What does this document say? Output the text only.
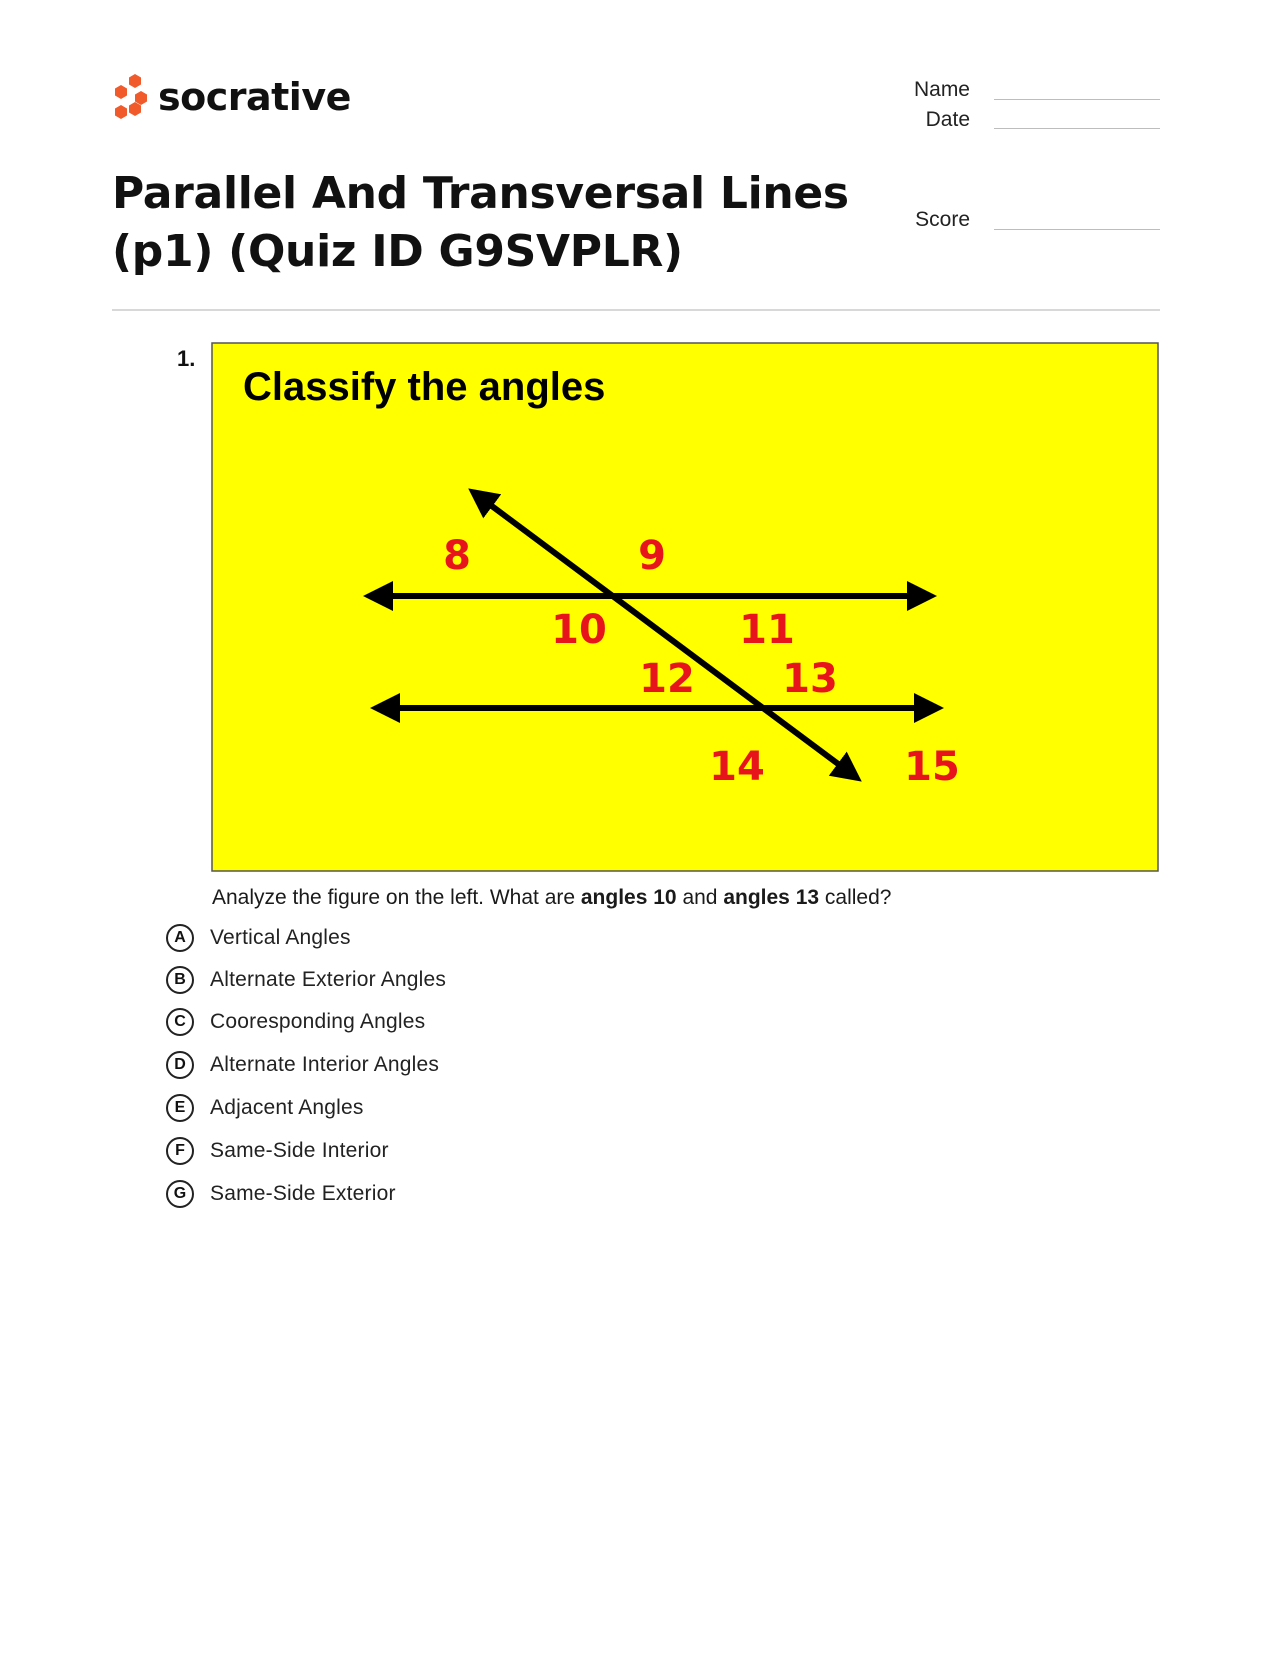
socrative	Name
Date
Score
Parallel And Transversal Lines (p1) (Quiz ID G9SVPLR)
1.
Classify the angles
8	9
10	11
12 13
14	15
Analyze the figure on the left. What are angles 10 and angles 13 called?
A	Vertical Angles
B	Alternate Exterior Angles
C	Cooresponding Angles
D	Alternate Interior Angles
E	Adjacent Angles
F	Same-Side Interior
G	Same-Side Exterior
